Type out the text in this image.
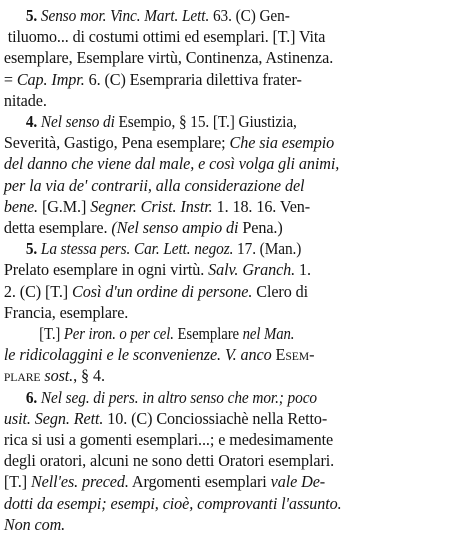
5. Senso mor. Vinc. Mart. Lett. 63. (C) Gen-
tiluomo... di costumi ottimi ed esemplari. [T.] Vita
esemplare, Esemplare virtù, Continenza, Astinenza.
= Cap. Impr. 6. (C) Esempraria dilettiva frater-
nitade.
4. Nel senso di Esempio, § 15. [T.] Giustizia,
Severità, Gastigo, Pena esemplare; Che sia esempio
del danno che viene dal male, e così volga gli animi,
per la via de' contrarii, alla considerazione del
bene. [G.M.] Segner. Crist. Instr. 1. 18. 16. Ven-
detta esemplare. (Nel senso ampio di Pena.)
5. La stessa pers. Car. Lett. negoz. 17. (Man.)
Prelato esemplare in ogni virtù. Salv. Granch. 1.
2. (C) [T.] Così d'un ordine di persone. Clero di
Francia, esemplare.
[T.] Per iron. o per cel. Esemplare nel Man.
le ridicolaggini e le sconvenienze. V. anco Esem-
plare sost., § 4.
6. Nel seg. di pers. in altro senso che mor.; poco
usit. Segn. Rett. 10. (C) Conciossiachè nella Retto-
rica si usi a gomenti esemplari...; e medesimamente
degli oratori, alcuni ne sono detti Oratori esemplari.
[T.] Nell'es. preced. Argomenti esemplari vale De-
dotti da esempi; esempi, cioè, comprovanti l'assunto.
Non com.
